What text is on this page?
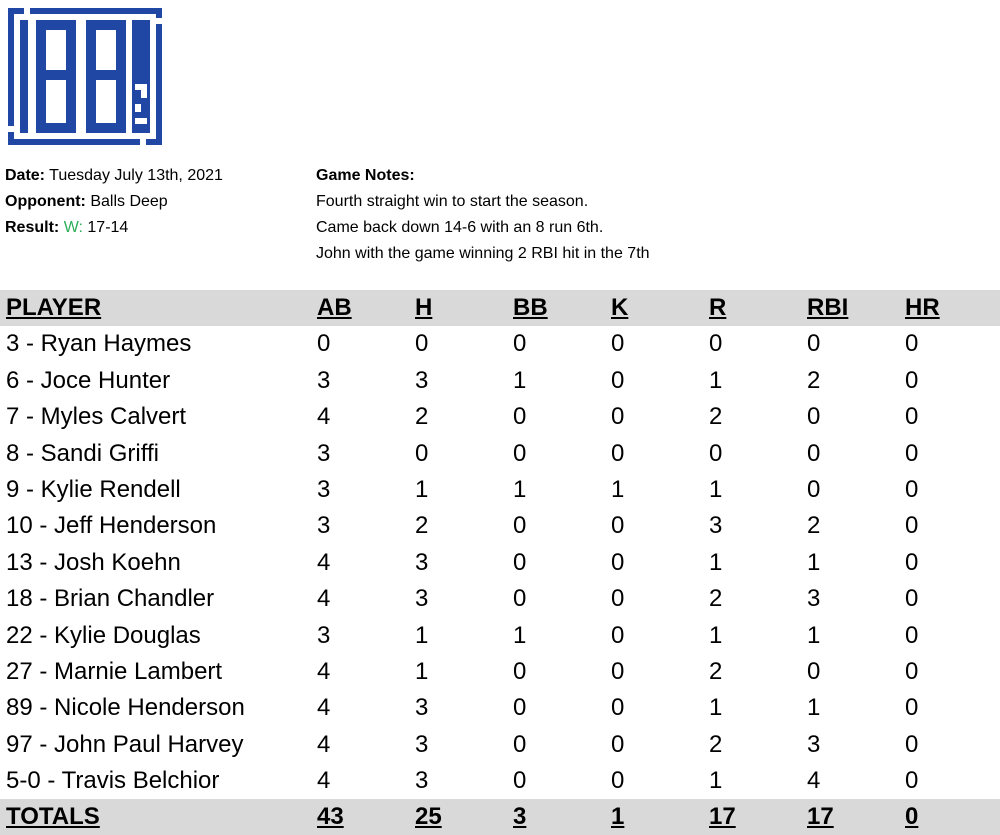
Date: Tuesday July 13th, 2021
Opponent: Balls Deep
Result: W: 17-14
Game Notes:
Fourth straight win to start the season.
Came back down 14-6 with an 8 run 6th.
John with the game winning 2 RBI hit in the 7th
PLAYER	AB	H	BB	K	R	RBI HR
3 - Ryan Haymes	0	0	0	0	0	0	0
6 - Joce Hunter	3	3	1	0	1	2	0
7 - Myles Calvert	4	2	0	0	2	0	0
8 - Sandi Griffi	3	0	0	0	0	0	0
9 - Kylie Rendell	3	1	1	1	1	0	0
10 - Jeff Henderson	3	2	0	0	3	2	0
13 - Josh Koehn	4	3	0	0	1	1	0
18 - Brian Chandler	4	3	0	0	2	3	0
22 - Kylie Douglas	3	1	1	0	1	1	0
27 - Marnie Lambert	4	1	0	0	2	0	0
89 - Nicole Henderson	4	3	0	0	1	1	0
97 - John Paul Harvey	4	3	0	0	2	3	0
5-0 - Travis Belchior	4	3	0	0	1	4	0
TOTALS	43	25	3	1	17	17	0
